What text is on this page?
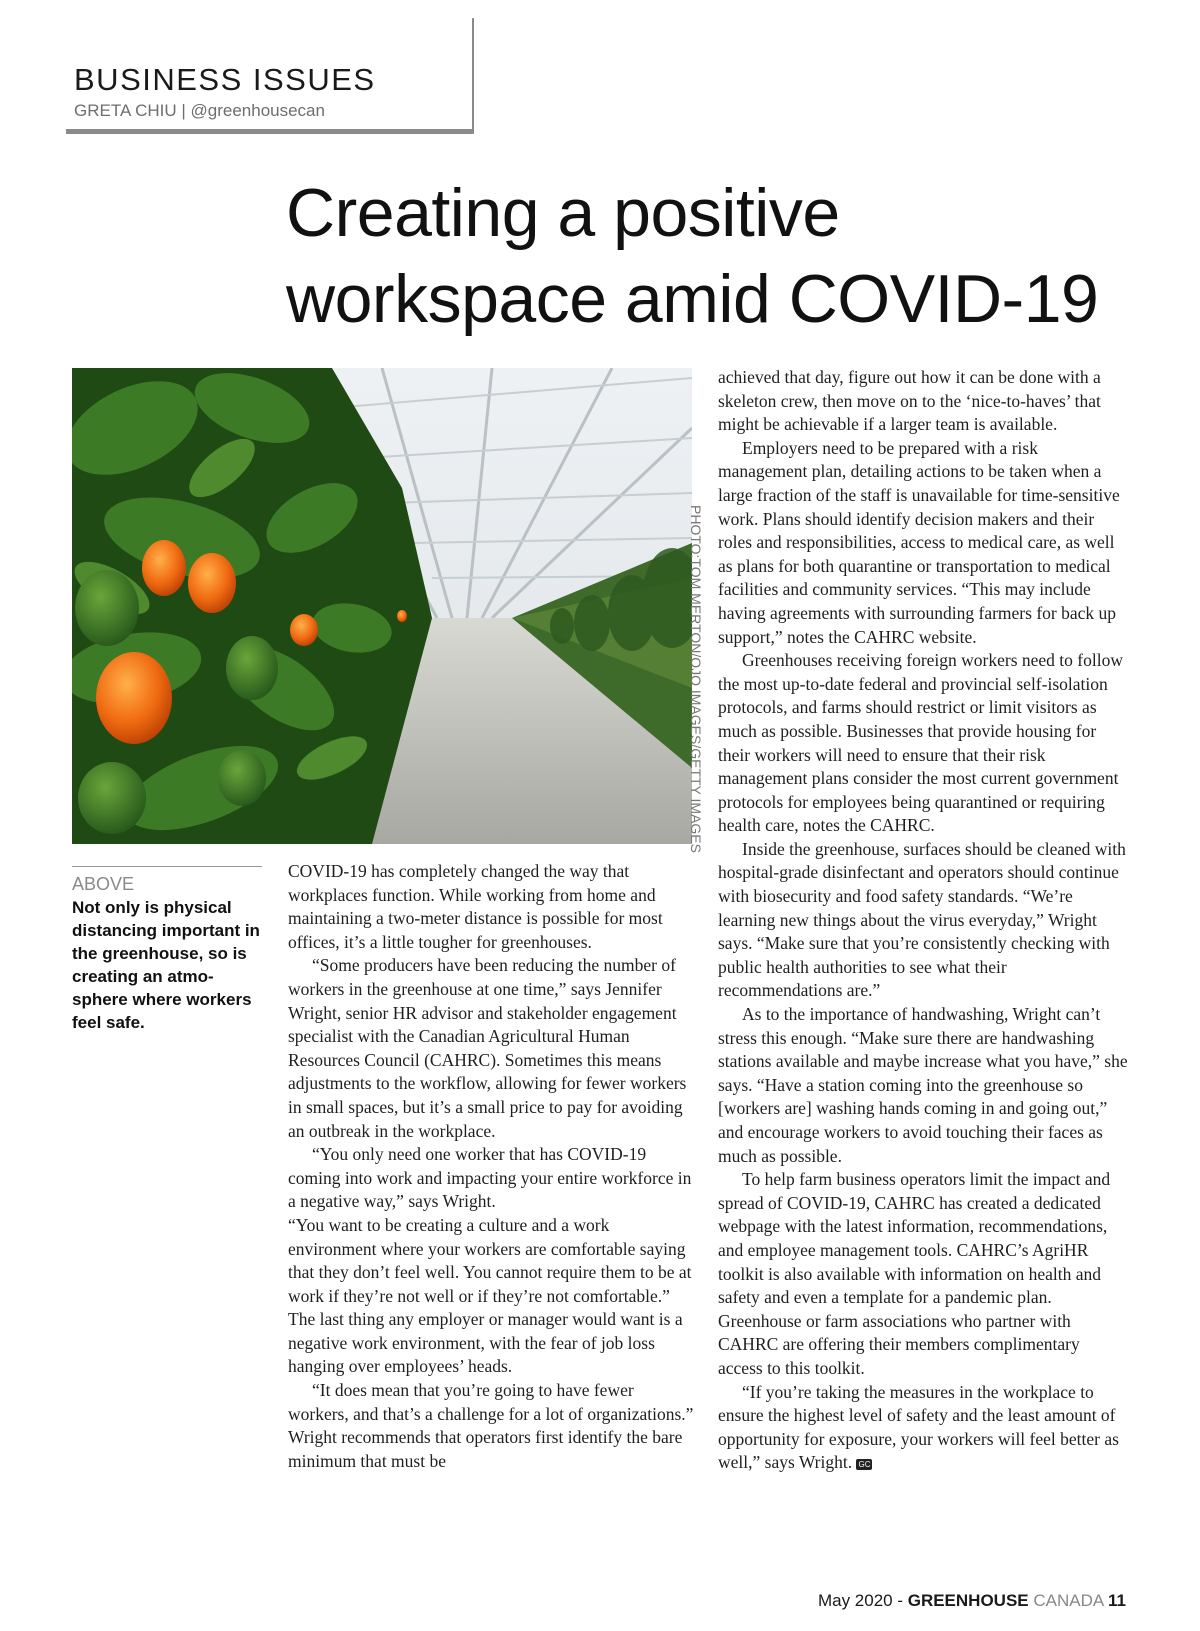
BUSINESS ISSUES
GRETA CHIU | @greenhousecan
Creating a positive
workspace amid COVID-19
PHOTO:TOM MERTON/OJO IMAGES/GETTY IMAGES
ABOVE

Not only is physical distancing important in the greenhouse, so is creating an atmo- sphere where workers feel safe.

COVID-19 has completely changed the way that workplaces function. While working from home and maintaining a two-meter distance is possible for most offices, it’s a little tougher for greenhouses.

“Some producers have been reducing the number of workers in the greenhouse at one time,” says Jennifer Wright, senior HR advisor and stakeholder engagement specialist with the Canadian Agricultural Human Resources Council (CAHRC). Sometimes this means adjustments to the workflow, allowing for fewer workers in small spaces, but it’s a small price to pay for avoiding an outbreak in the workplace.

“You only need one worker that has COVID-19 coming into work and impacting your entire workforce in a negative way,” says Wright.

“You want to be creating a culture and a work environment where your workers are comfortable saying that they don’t feel well. You cannot require them to be at work if they’re not well or if they’re not comfortable.” The last thing any employer or manager would want is a negative work environment, with the fear of job loss hanging over employees’ heads.

“It does mean that you’re going to have fewer workers, and that’s a challenge for a lot of organizations.” Wright recommends that operators first identify the bare minimum that must be

achieved that day, figure out how it can be done with a skeleton crew, then move on to the ‘nice-to-haves’ that might be achievable if a larger team is available.

Employers need to be prepared with a risk management plan, detailing actions to be taken when a large fraction of the staff is unavailable for time-sensitive work. Plans should identify decision makers and their roles and responsibilities, access to medical care, as well as plans for both quarantine or transportation to medical facilities and community services. “This may include having agreements with surrounding farmers for back up support,” notes the CAHRC website.

Greenhouses receiving foreign workers need to follow the most up-to-date federal and provincial self-isolation protocols, and farms should restrict or limit visitors as much as possible. Businesses that provide housing for their workers will need to ensure that their risk management plans consider the most current government protocols for employees being quarantined or requiring health care, notes the CAHRC.

Inside the greenhouse, surfaces should be cleaned with hospital-grade disinfectant and operators should continue with biosecurity and food safety standards. “We’re learning new things about the virus everyday,” Wright says. “Make sure that you’re consistently checking with public health authorities to see what their recommendations are.”

As to the importance of handwashing, Wright can’t stress this enough. “Make sure there are handwashing stations available and maybe increase what you have,” she says. “Have a station coming into the greenhouse so [workers are] washing hands coming in and going out,” and encourage workers to avoid touching their faces as much as possible.

To help farm business operators limit the impact and spread of COVID-19, CAHRC has created a dedicated webpage with the latest information, recommendations, and employee management tools. CAHRC’s AgriHR toolkit is also available with information on health and safety and even a template for a pandemic plan. Greenhouse or farm associations who partner with CAHRC are offering their members complimentary access to this toolkit.

“If you’re taking the measures in the workplace to ensure the highest level of safety and the least amount of opportunity for exposure, your workers will feel better as well,” says Wright. GC

May 2020 - GREENHOUSE CANADA 11
